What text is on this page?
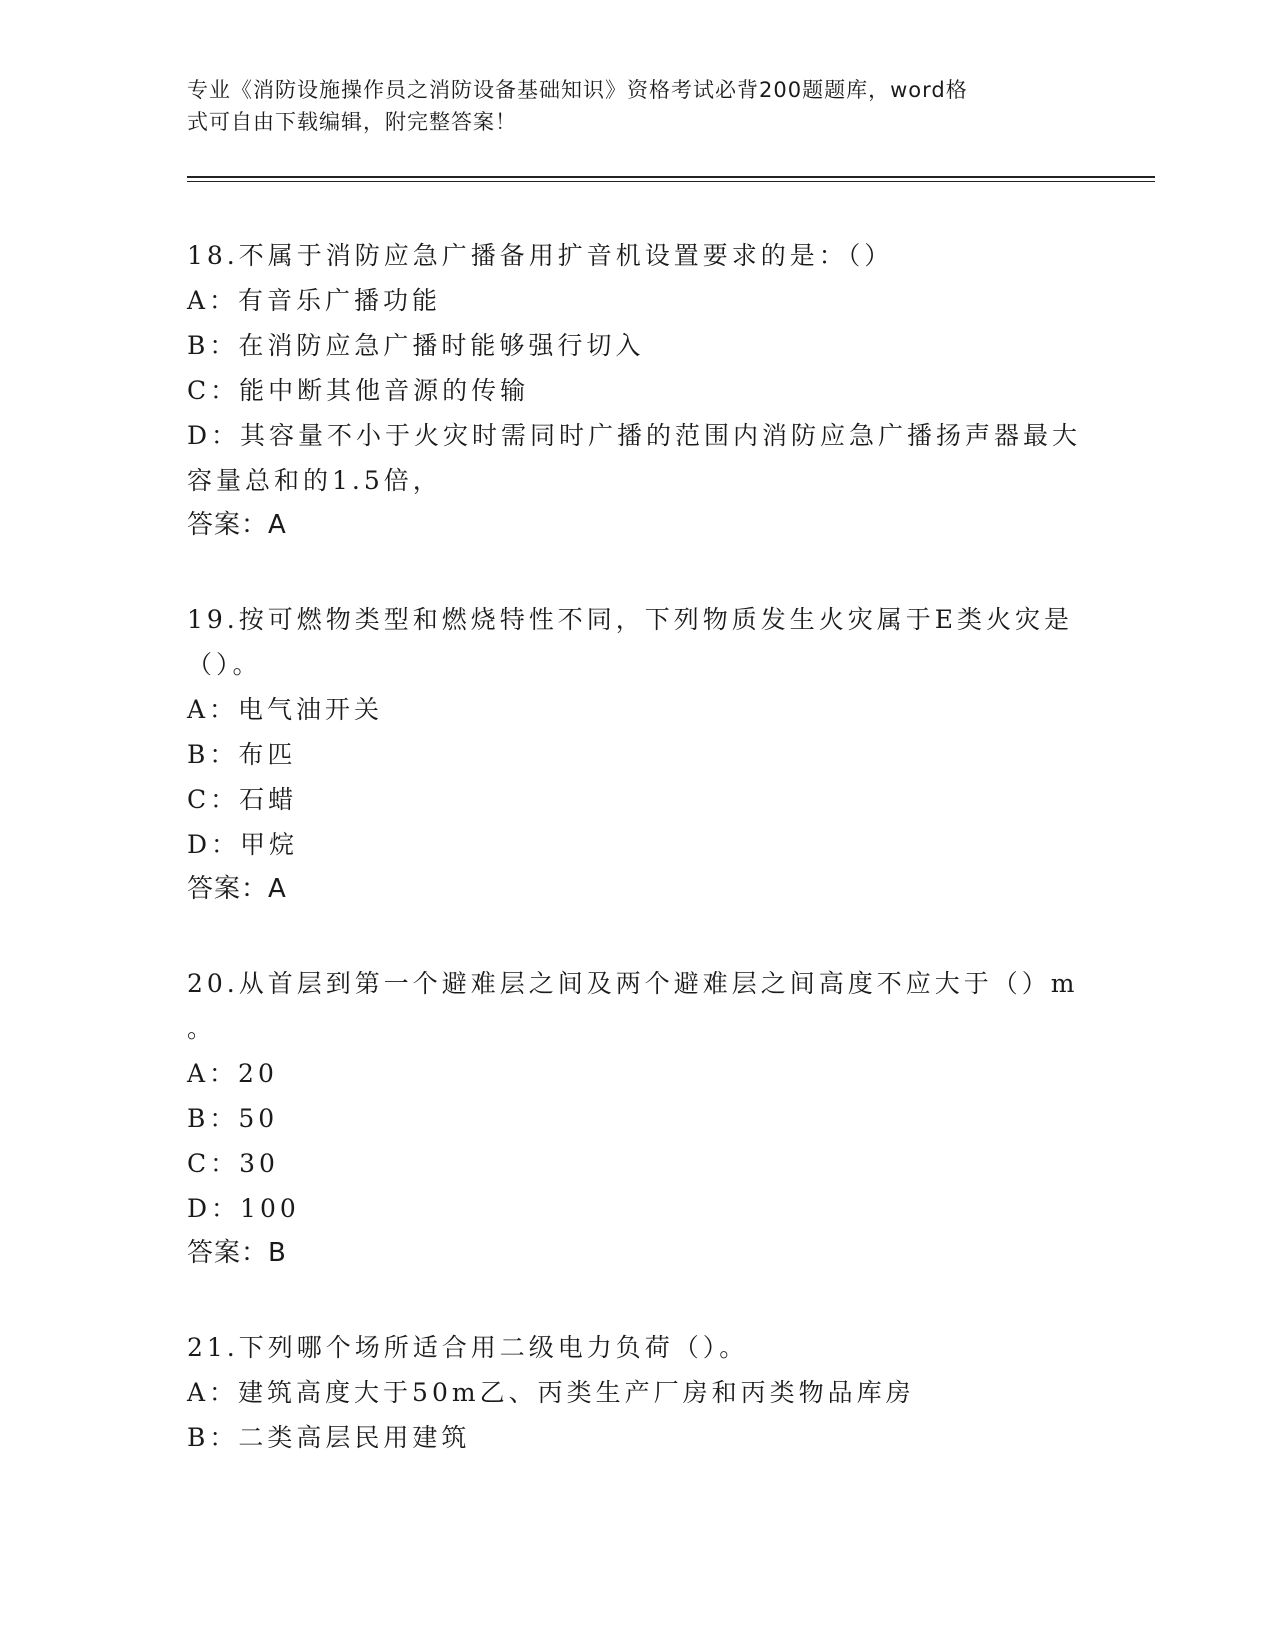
专业《消防设施操作员之消防设备基础知识》资格考试必背200题题库，word格
式可自由下载编辑，附完整答案！
18.不属于消防应急广播备用扩音机设置要求的是：（）
A：有音乐广播功能
B：在消防应急广播时能够强行切入
C：能中断其他音源的传输
D：其容量不小于火灾时需同时广播的范围内消防应急广播扬声器最大
容量总和的1.5倍，
答案：A
19.按可燃物类型和燃烧特性不同，下列物质发生火灾属于E类火灾是
（）。
A：电气油开关
B：布匹
C：石蜡
D：甲烷
答案：A
20.从首层到第一个避难层之间及两个避难层之间高度不应大于（）m
。
A：20
B：50
C：30
D：100
答案：B
21.下列哪个场所适合用二级电力负荷（）。
A：建筑高度大于50m乙、丙类生产厂房和丙类物品库房
B：二类高层民用建筑
